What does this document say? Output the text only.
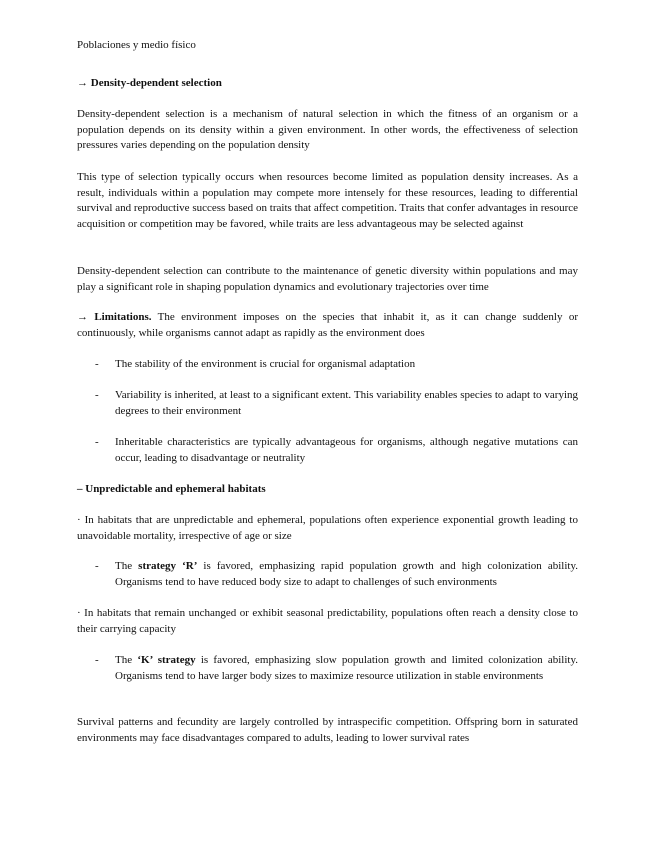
Poblaciones y medio físico
→ Density-dependent selection
Density-dependent selection is a mechanism of natural selection in which the fitness of an organism or a population depends on its density within a given environment. In other words, the effectiveness of selection pressures varies depending on the population density
This type of selection typically occurs when resources become limited as population density increases. As a result, individuals within a population may compete more intensely for these resources, leading to differential survival and reproductive success based on traits that affect competition. Traits that confer advantages in resource acquisition or competition may be favored, while traits are less advantageous may be selected against
Density-dependent selection can contribute to the maintenance of genetic diversity within populations and may play a significant role in shaping population dynamics and evolutionary trajectories over time
→ Limitations. The environment imposes on the species that inhabit it, as it can change suddenly or continuously, while organisms cannot adapt as rapidly as the environment does
- The stability of the environment is crucial for organismal adaptation
- Variability is inherited, at least to a significant extent. This variability enables species to adapt to varying degrees to their environment
- Inheritable characteristics are typically advantageous for organisms, although negative mutations can occur, leading to disadvantage or neutrality
– Unpredictable and ephemeral habitats
· In habitats that are unpredictable and ephemeral, populations often experience exponential growth leading to unavoidable mortality, irrespective of age or size
- The strategy ‘R’ is favored, emphasizing rapid population growth and high colonization ability. Organisms tend to have reduced body size to adapt to challenges of such environments
· In habitats that remain unchanged or exhibit seasonal predictability, populations often reach a density close to their carrying capacity
- The ‘K’ strategy is favored, emphasizing slow population growth and limited colonization ability. Organisms tend to have larger body sizes to maximize resource utilization in stable environments
Survival patterns and fecundity are largely controlled by intraspecific competition. Offspring born in saturated environments may face disadvantages compared to adults, leading to lower survival rates
